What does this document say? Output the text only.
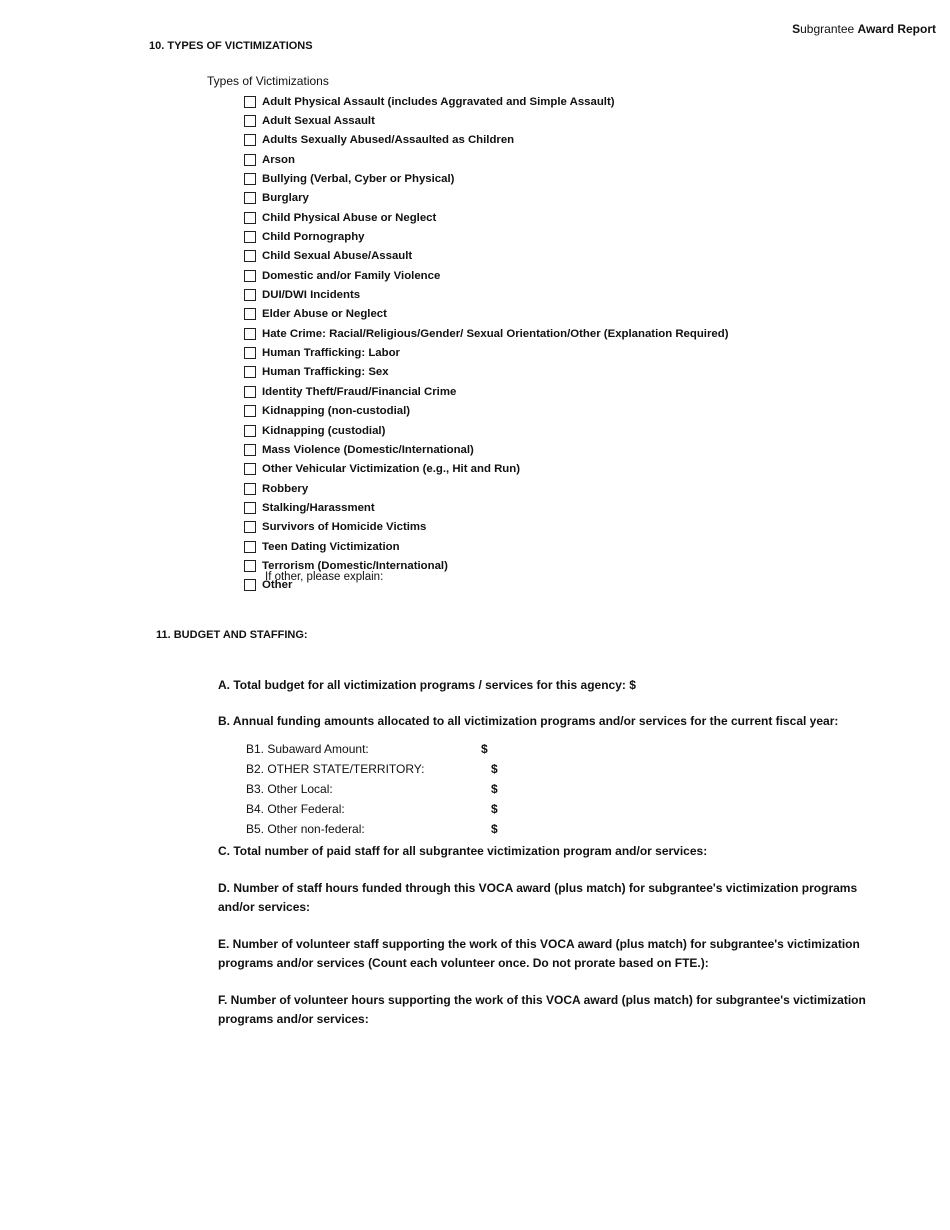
Subgrantee Award Report
10. TYPES OF VICTIMIZATIONS
Types of Victimizations
Adult Physical Assault (includes Aggravated and Simple Assault)
Adult Sexual Assault
Adults Sexually Abused/Assaulted as Children
Arson
Bullying (Verbal, Cyber or Physical)
Burglary
Child Physical Abuse or Neglect
Child Pornography
Child Sexual Abuse/Assault
Domestic and/or Family Violence
DUI/DWI Incidents
Elder Abuse or Neglect
Hate Crime: Racial/Religious/Gender/ Sexual Orientation/Other (Explanation Required)
Human Trafficking: Labor
Human Trafficking: Sex
Identity Theft/Fraud/Financial Crime
Kidnapping (non-custodial)
Kidnapping (custodial)
Mass Violence (Domestic/International)
Other Vehicular Victimization (e.g., Hit and Run)
Robbery
Stalking/Harassment
Survivors of Homicide Victims
Teen Dating Victimization
Terrorism (Domestic/International)
Other
If other, please explain:
11. BUDGET AND STAFFING:
A. Total budget for all victimization programs / services for this agency: $
B. Annual funding amounts allocated to all victimization programs and/or services for the current fiscal year:
B1. Subaward Amount:	$
B2. OTHER STATE/TERRITORY:	$
B3. Other Local:	$
B4. Other Federal:	$
B5. Other non-federal:	$
C. Total number of paid staff for all subgrantee victimization program and/or services:
D. Number of staff hours funded through this VOCA award (plus match) for subgrantee's victimization programs and/or services:
E. Number of volunteer staff supporting the work of this VOCA award (plus match) for subgrantee's victimization programs and/or services (Count each volunteer once. Do not prorate based on FTE.):
F. Number of volunteer hours supporting the work of this VOCA award (plus match) for subgrantee's victimization programs and/or services:
